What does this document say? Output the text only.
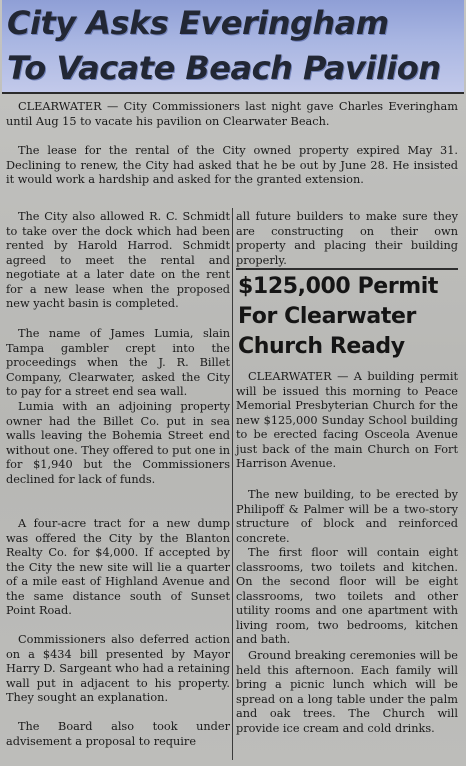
City Asks Everingham
To Vacate Beach Pavilion

CLEARWATER — City Commissioners last night gave Charles Everingham until Aug 15 to vacate his pavilion on Clearwater Beach.

The lease for the rental of the City owned property expired May 31. Declining to renew, the City had asked that he be out by June 28. He insisted it would work a hardship and asked for the granted extension.

The City also allowed R. C. Schmidt to take over the dock which had been rented by Harold Harrod. Schmidt agreed to meet the rental and negotiate at a later date on the rent for a new lease when the proposed new yacht basin is completed.

The name of James Lumia, slain Tampa gambler crept into the proceedings when the J. R. Billet Company, Clearwater, asked the City to pay for a street end sea wall.

Lumia with an adjoining property owner had the Billet Co. put in sea walls leaving the Bohemia Street end without one. They offered to put one in for $1,940 but the Commissioners declined for lack of funds.

A four-acre tract for a new dump was offered the City by the Blanton Realty Co. for $4,000. If accepted by the City the new site will lie a quarter of a mile east of Highland Avenue and the same distance south of Sunset Point Road.

Commissioners also deferred action on a $434 bill presented by Mayor Harry D. Sargeant who had a retaining wall put in adjacent to his property. They sought an explanation.

The Board also took under advisement a proposal to require

all future builders to make sure they are constructing on their own property and placing their building properly.

$125,000 Permit
For Clearwater
Church Ready

CLEARWATER — A building permit will be issued this morning to Peace Memorial Presbyterian Church for the new $125,000 Sunday School building to be erected facing Osceola Avenue just back of the main Church on Fort Harrison Avenue.

The new building, to be erected by Philipoff & Palmer will be a two-story structure of block and reinforced concrete.

The first floor will contain eight classrooms, two toilets and kitchen. On the second floor will be eight classrooms, two toilets and other utility rooms and one apartment with living room, two bedrooms, kitchen and bath.

Ground breaking ceremonies will be held this afternoon. Each family will bring a picnic lunch which will be spread on a long table under the palm and oak trees. The Church will provide ice cream and cold drinks.
